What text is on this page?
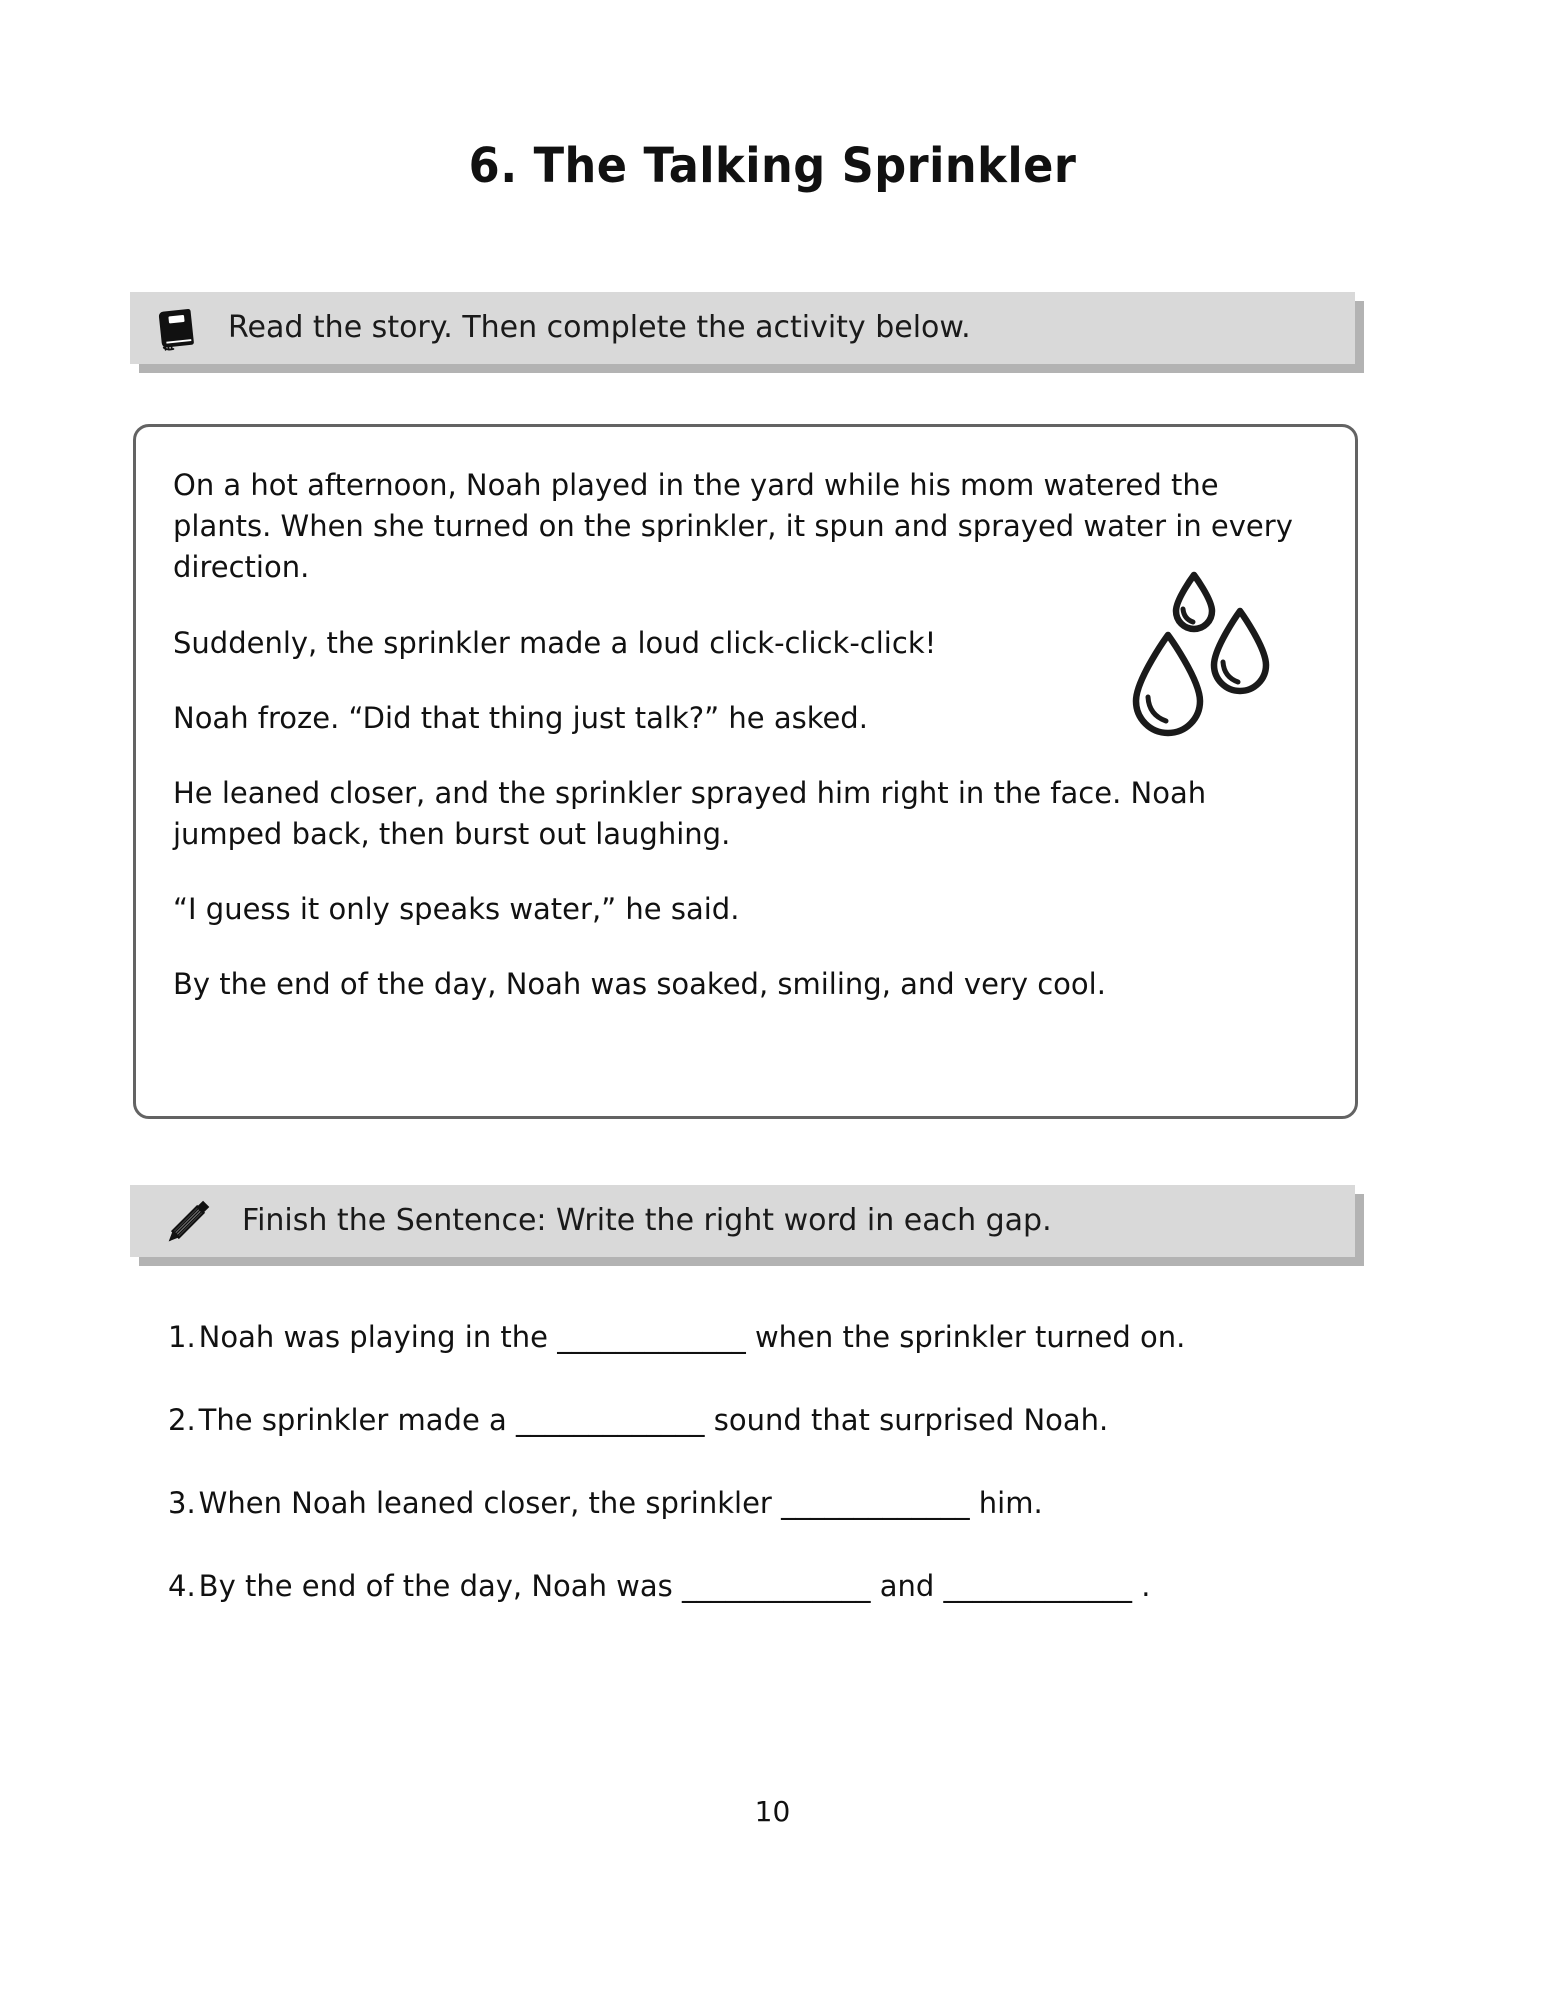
6. The Talking Sprinkler
Read the story. Then complete the activity below.

On a hot afternoon, Noah played in the yard while his mom watered the plants. When she turned on the sprinkler, it spun and sprayed water in every direction.

Suddenly, the sprinkler made a loud click-click-click!

Noah froze. “Did that thing just talk?” he asked.

He leaned closer, and the sprinkler sprayed him right in the face. Noah jumped back, then burst out laughing.

“I guess it only speaks water,” he said.

By the end of the day, Noah was soaked, smiling, and very cool.

Finish the Sentence: Write the right word in each gap.
1. Noah was playing in the _____________ when the sprinkler turned on.
2. The sprinkler made a _____________ sound that surprised Noah.
3. When Noah leaned closer, the sprinkler _____________ him.
4. By the end of the day, Noah was _____________ and _____________ .
10
